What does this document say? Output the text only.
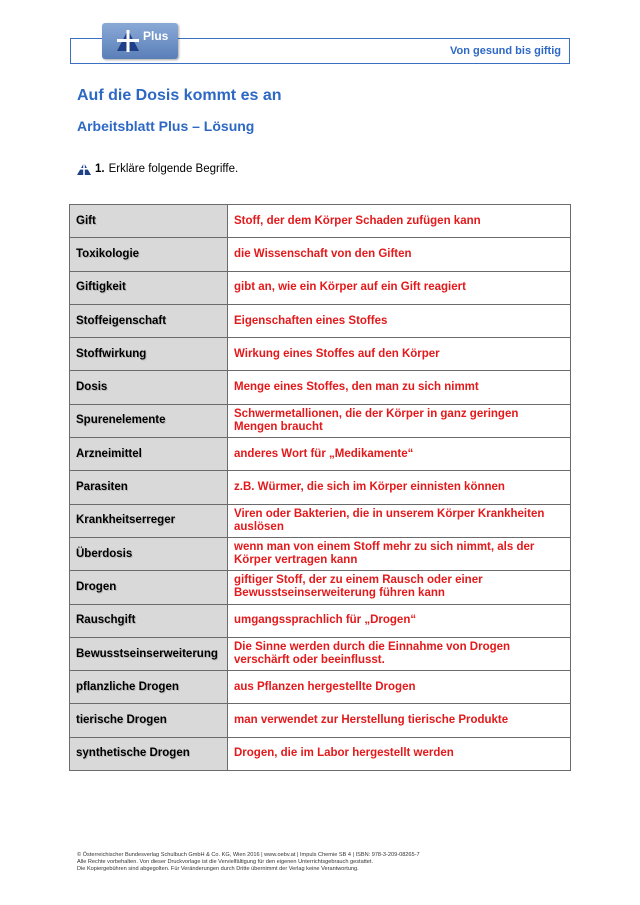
Von gesund bis giftig
Plus
Auf die Dosis kommt es an
Arbeitsblatt Plus – Lösung
1. Erkläre folgende Begriffe.
Gift	Stoff, der dem Körper Schaden zufügen kann
Toxikologie	die Wissenschaft von den Giften
Giftigkeit	gibt an, wie ein Körper auf ein Gift reagiert
Stoffeigenschaft	Eigenschaften eines Stoffes
Stoffwirkung	Wirkung eines Stoffes auf den Körper
Dosis	Menge eines Stoffes, den man zu sich nimmt
Spurenelemente	Schwermetallionen, die der Körper in ganz geringen Mengen braucht
Arzneimittel	anderes Wort für „Medikamente“
Parasiten	z.B. Würmer, die sich im Körper einnisten können
Krankheitserreger	Viren oder Bakterien, die in unserem Körper Krankheiten auslösen
Überdosis	wenn man von einem Stoff mehr zu sich nimmt, als der Körper vertragen kann
Drogen	giftiger Stoff, der zu einem Rausch oder einer Bewusstseinserweiterung führen kann
Rauschgift	umgangssprachlich für „Drogen“
Bewusstseinserweiterung	Die Sinne werden durch die Einnahme von Drogen verschärft oder beeinflusst.
pflanzliche Drogen	aus Pflanzen hergestellte Drogen
tierische Drogen	man verwendet zur Herstellung tierische Produkte
synthetische Drogen	Drogen, die im Labor hergestellt werden
© Österreichischer Bundesverlag Schulbuch GmbH & Co. KG, Wien 2016 | www.oebv.at | Impuls Chemie SB 4 | ISBN: 978-3-209-08265-7
Alle Rechte vorbehalten. Von dieser Druckvorlage ist die Vervielfältigung für den eigenen Unterrichtsgebrauch gestattet.
Die Kopiergebühren sind abgegolten. Für Veränderungen durch Dritte übernimmt der Verlag keine Verantwortung.
